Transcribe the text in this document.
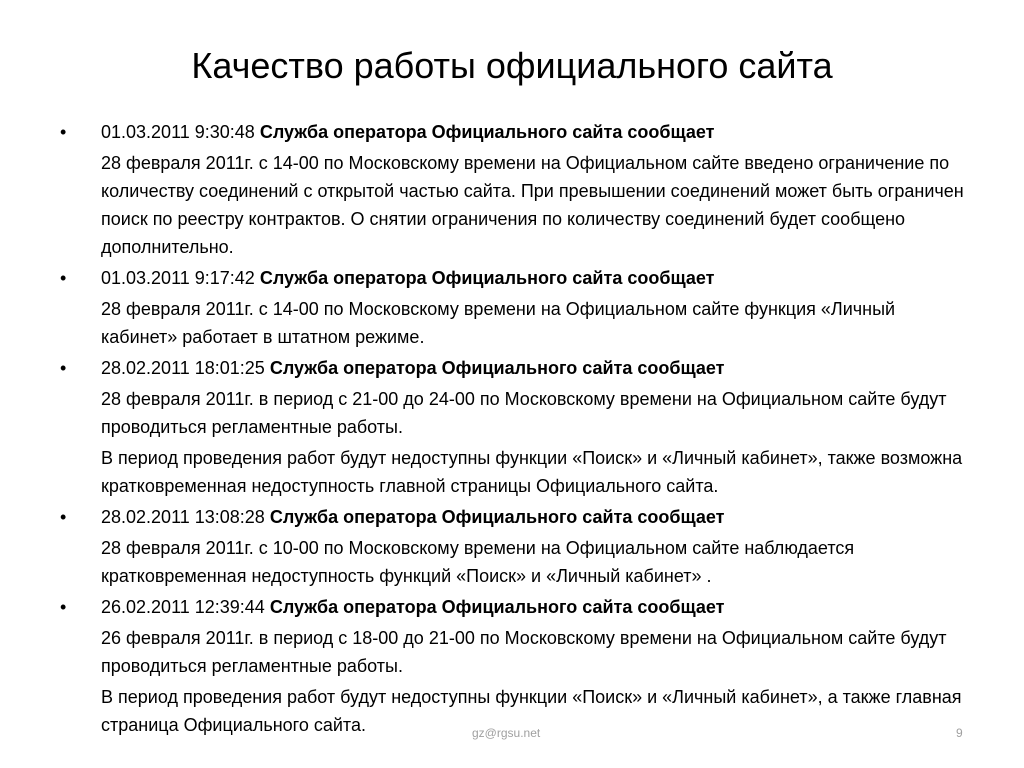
Качество работы официального сайта
• 01.03.2011 9:30:48 Служба оператора Официального сайта сообщает
28 февраля 2011г. с 14-00 по Московскому времени на Официальном сайте введено ограничение по количеству соединений с открытой частью сайта. При превышении соединений может быть ограничен поиск по реестру контрактов. О снятии ограничения по количеству соединений будет сообщено дополнительно.
• 01.03.2011 9:17:42 Служба оператора Официального сайта сообщает
28 февраля 2011г. с 14-00 по Московскому времени на Официальном сайте функция «Личный кабинет» работает в штатном режиме.
• 28.02.2011 18:01:25 Служба оператора Официального сайта сообщает
28 февраля 2011г. в период с 21-00 до 24-00 по Московскому времени на Официальном сайте будут проводиться регламентные работы.
В период проведения работ будут недоступны функции «Поиск» и «Личный кабинет», также возможна кратковременная недоступность главной страницы Официального сайта.
• 28.02.2011 13:08:28 Служба оператора Официального сайта сообщает
28 февраля 2011г. с 10-00 по Московскому времени на Официальном сайте наблюдается кратковременная недоступность функций «Поиск» и «Личный кабинет» .
• 26.02.2011 12:39:44 Служба оператора Официального сайта сообщает
26 февраля 2011г. в период с 18-00 до 21-00 по Московскому времени на Официальном сайте будут проводиться регламентные работы.
В период проведения работ будут недоступны функции «Поиск» и «Личный кабинет», а также главная страница Официального сайта.	gz@rgsu.net	9
